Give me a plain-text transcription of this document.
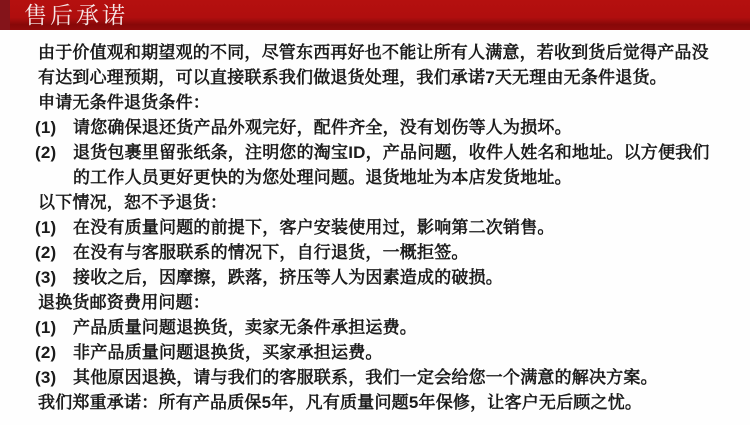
售后承诺

由于价值观和期望观的不同，尽管东西再好也不能让所有人满意，若收到货后觉得产品没有达到心理预期，可以直接联系我们做退货处理，我们承诺7天无理由无条件退货。

申请无条件退货条件：
(1) 请您确保退还货产品外观完好，配件齐全，没有划伤等人为损坏。
(2) 退货包裹里留张纸条，注明您的淘宝ID，产品问题，收件人姓名和地址。以方便我们的工作人员更好更快的为您处理问题。退货地址为本店发货地址。
以下情况，恕不予退货：
(1) 在没有质量问题的前提下，客户安装使用过，影响第二次销售。
(2) 在没有与客服联系的情况下，自行退货，一概拒签。
(3) 接收之后，因摩擦，跌落，挤压等人为因素造成的破损。
退换货邮资费用问题：
(1) 产品质量问题退换货，卖家无条件承担运费。
(2) 非产品质量问题退换货，买家承担运费。
(3) 其他原因退换，请与我们的客服联系，我们一定会给您一个满意的解决方案。

我们郑重承诺：所有产品质保5年，凡有质量问题5年保修，让客户无后顾之忧。
